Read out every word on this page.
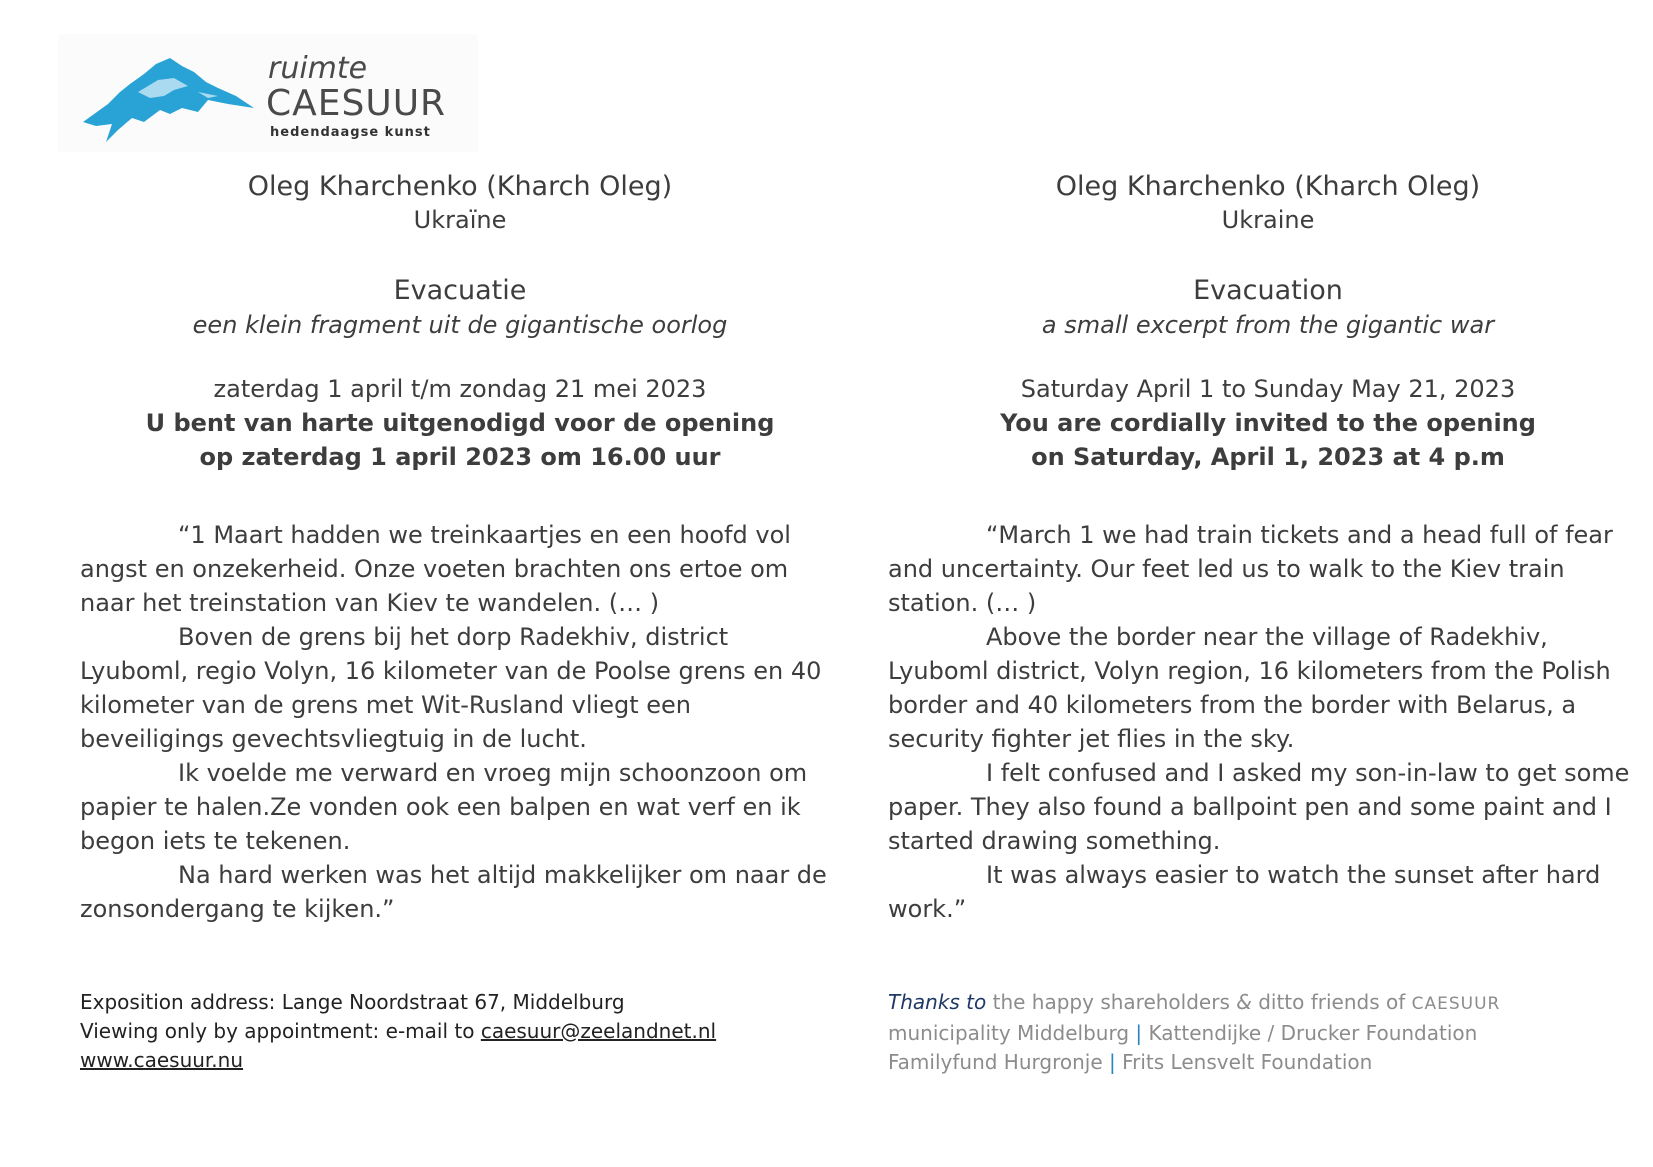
ruimte
CAESUUR
hedendaagse kunst
Oleg Kharchenko (Kharch Oleg)
Ukraïne
Evacuatie
een klein fragment uit de gigantische oorlog
zaterdag 1 april t/m zondag 21 mei 2023
U bent van harte uitgenodigd voor de opening
op zaterdag 1 april 2023 om 16.00 uur

“1 Maart hadden we treinkaartjes en een hoofd vol angst en onzekerheid. Onze voeten brachten ons ertoe om naar het treinstation van Kiev te wandelen. (… )

Boven de grens bij het dorp Radekhiv, district Lyuboml, regio Volyn, 16 kilometer van de Poolse grens en 40 kilometer van de grens met Wit-Rusland vliegt een beveiligings gevechtsvliegtuig in de lucht.

Ik voelde me verward en vroeg mijn schoonzoon om papier te halen.Ze vonden ook een balpen en wat verf en ik begon iets te tekenen.

Na hard werken was het altijd makkelijker om naar de zonsondergang te kijken.”

Oleg Kharchenko (Kharch Oleg)
Ukraine
Evacuation
a small excerpt from the gigantic war
Saturday April 1 to Sunday May 21, 2023
You are cordially invited to the opening
on Saturday, April 1, 2023 at 4 p.m

“March 1 we had train tickets and a head full of fear and uncertainty. Our feet led us to walk to the Kiev train station. (… )

Above the border near the village of Radekhiv, Lyuboml district, Volyn region, 16 kilometers from the Polish border and 40 kilometers from the border with Belarus, a security fighter jet flies in the sky.

I felt confused and I asked my son-in-law to get some paper. They also found a ballpoint pen and some paint and I started drawing something.

It was always easier to watch the sunset after hard work.”

Exposition address: Lange Noordstraat 67, Middelburg
Viewing only by appointment: e-mail to caesuur@zeelandnet.nl
www.caesuur.nu
Thanks to the happy shareholders & ditto friends of CAESUUR
municipality Middelburg | Kattendijke / Drucker Foundation
Familyfund Hurgronje | Frits Lensvelt Foundation
